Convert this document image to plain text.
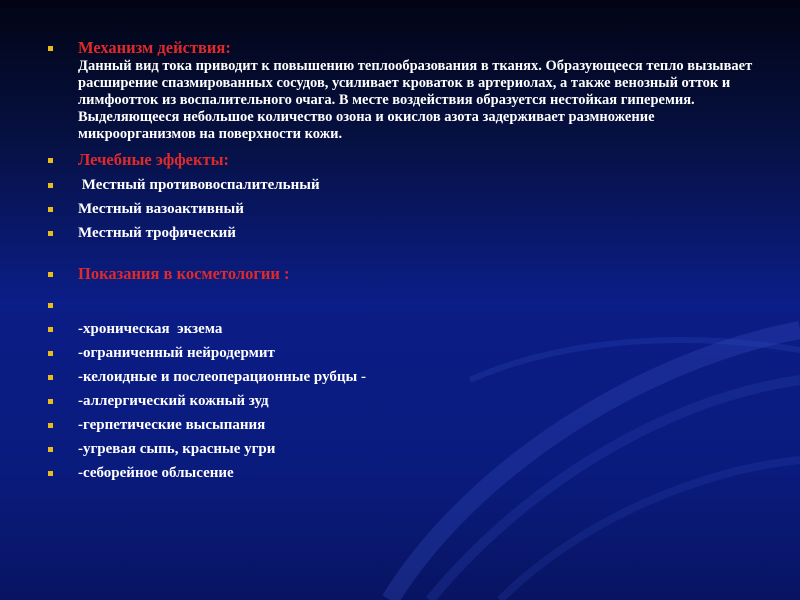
Механизм действия:
Данный вид тока приводит к повышению теплообразования в тканях. Образующееся тепло вызывает расширение спазмированных сосудов, усиливает кроваток в артериолах, а также венозный отток и лимфоотток из воспалительного очага. В месте воздействия образуется нестойкая гиперемия. Выделяющееся небольшое количество озона и окислов азота задерживает размножение микроорганизмов на поверхности кожи.
Лечебные эффекты:
Местный противовоспалительный
Местный вазоактивный
Местный трофический
Показания в косметологии :
-хроническая  экзема
-ограниченный нейродермит
-келоидные и послеоперационные рубцы -
-аллергический кожный зуд
-герпетические высыпания
-угревая сыпь, красные угри
-себорейное облысение
